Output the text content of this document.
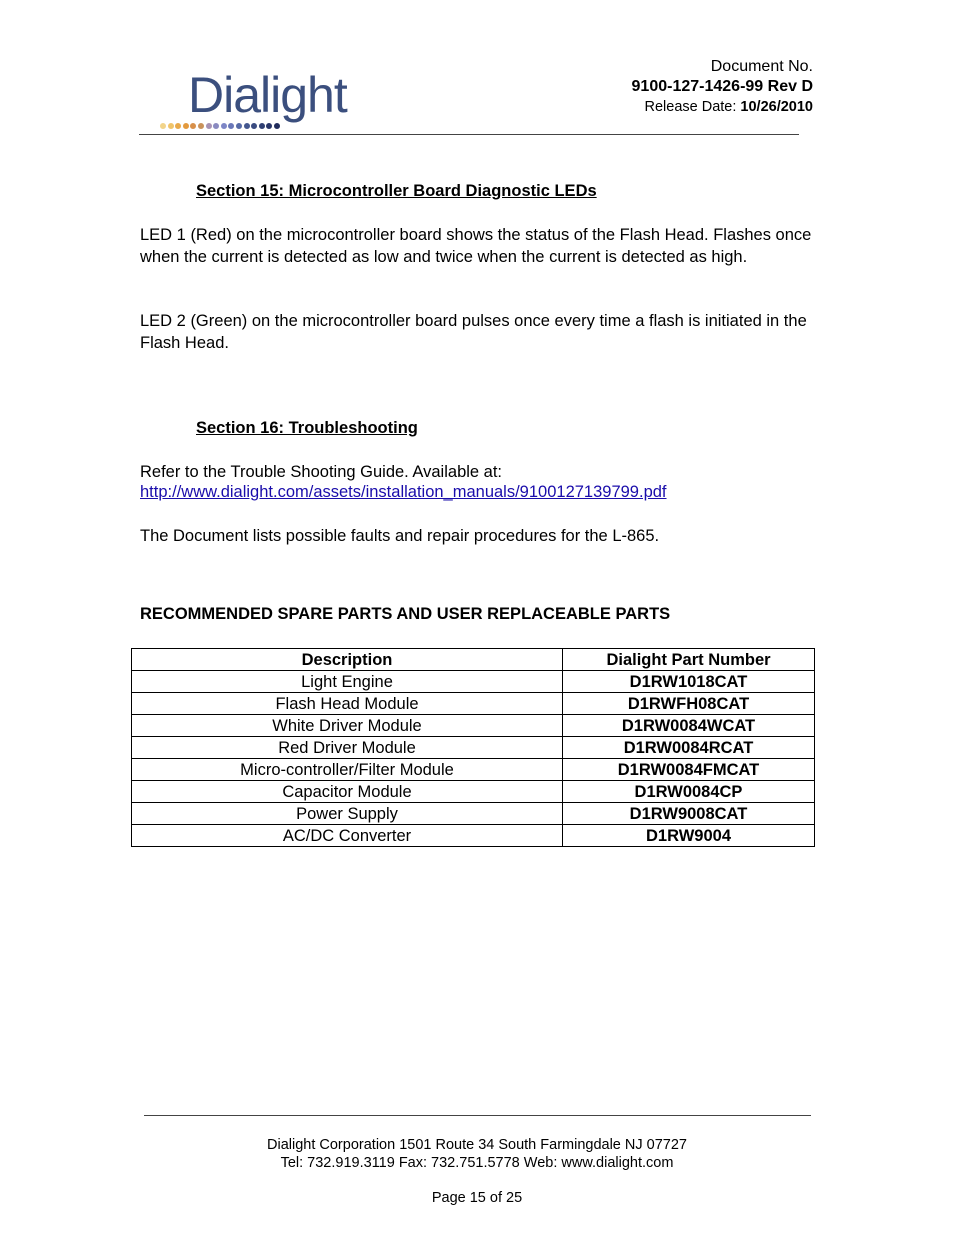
Dialight
Document No.
9100-127-1426-99 Rev D
Release Date: 10/26/2010
Section 15: Microcontroller Board Diagnostic LEDs
LED 1 (Red) on the microcontroller board shows the status of the Flash Head. Flashes once when the current is detected as low and twice when the current is detected as high.
LED 2 (Green) on the microcontroller board pulses once every time a flash is initiated in the Flash Head.
Section 16: Troubleshooting
Refer to the Trouble Shooting Guide. Available at:
http://www.dialight.com/assets/installation_manuals/9100127139799.pdf
The Document lists possible faults and repair procedures for the L-865.
RECOMMENDED SPARE PARTS AND USER REPLACEABLE PARTS
Description	Dialight Part Number
Light Engine	D1RW1018CAT
Flash Head Module	D1RWFH08CAT
White Driver Module	D1RW0084WCAT
Red Driver Module	D1RW0084RCAT
Micro-controller/Filter Module	D1RW0084FMCAT
Capacitor Module	D1RW0084CP
Power Supply	D1RW9008CAT
AC/DC Converter	D1RW9004
Dialight Corporation 1501 Route 34 South Farmingdale NJ 07727
Tel: 732.919.3119 Fax: 732.751.5778 Web: www.dialight.com
Page 15 of 25
